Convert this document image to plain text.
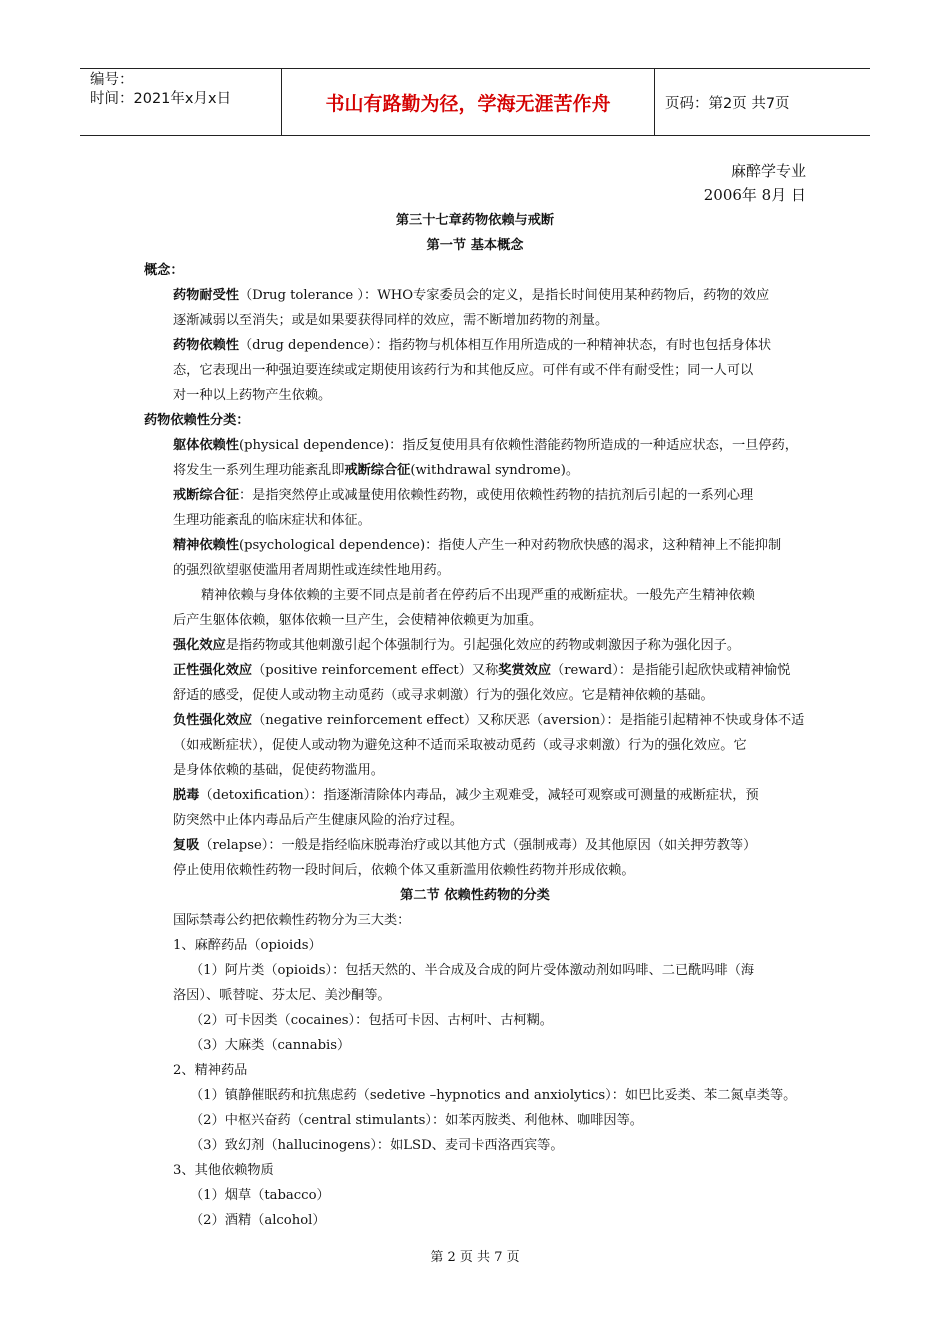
编号：
时间：2021年x月x日	书山有路勤为径，学海无涯苦作舟	页码：第2页 共7页
麻醉学专业
2006年 8月 日
第三十七章药物依赖与戒断
第一节 基本概念
概念：
药物耐受性（Drug tolerance ）：WHO专家委员会的定义，是指长时间使用某种药物后，药物的效应
逐渐减弱以至消失；或是如果要获得同样的效应，需不断增加药物的剂量。
药物依赖性（drug dependence）：指药物与机体相互作用所造成的一种精神状态，有时也包括身体状
态，它表现出一种强迫要连续或定期使用该药行为和其他反应。可伴有或不伴有耐受性；同一人可以
对一种以上药物产生依赖。
药物依赖性分类：
躯体依赖性(physical dependence)：指反复使用具有依赖性潜能药物所造成的一种适应状态，一旦停药，
将发生一系列生理功能紊乱即戒断综合征(withdrawal syndrome)。
戒断综合征：是指突然停止或减量使用依赖性药物，或使用依赖性药物的拮抗剂后引起的一系列心理
生理功能紊乱的临床症状和体征。
精神依赖性(psychological dependence)：指使人产生一种对药物欣快感的渴求，这种精神上不能抑制
的强烈欲望驱使滥用者周期性或连续性地用药。
精神依赖与身体依赖的主要不同点是前者在停药后不出现严重的戒断症状。一般先产生精神依赖
后产生躯体依赖，躯体依赖一旦产生，会使精神依赖更为加重。
强化效应是指药物或其他刺激引起个体强制行为。引起强化效应的药物或刺激因子称为强化因子。
正性强化效应（positive reinforcement effect）又称奖赏效应（reward）：是指能引起欣快或精神愉悦
舒适的感受，促使人或动物主动觅药（或寻求刺激）行为的强化效应。它是精神依赖的基础。
负性强化效应（negative reinforcement effect）又称厌恶（aversion）：是指能引起精神不快或身体不适
（如戒断症状），促使人或动物为避免这种不适而采取被动觅药（或寻求刺激）行为的强化效应。它
是身体依赖的基础，促使药物滥用。
脱毒（detoxification）：指逐渐清除体内毒品，减少主观难受，减轻可观察或可测量的戒断症状，预
防突然中止体内毒品后产生健康风险的治疗过程。
复吸（relapse）：一般是指经临床脱毒治疗或以其他方式（强制戒毒）及其他原因（如关押劳教等）
停止使用依赖性药物一段时间后，依赖个体又重新滥用依赖性药物并形成依赖。
第二节 依赖性药物的分类
国际禁毒公约把依赖性药物分为三大类：
1、麻醉药品（opioids）
（1）阿片类（opioids）：包括天然的、半合成及合成的阿片受体激动剂如吗啡、二已酰吗啡（海
洛因）、哌替啶、芬太尼、美沙酮等。
（2）可卡因类（cocaines）：包括可卡因、古柯叶、古柯糊。
（3）大麻类（cannabis）
2、精神药品
（1）镇静催眠药和抗焦虑药（sedetive –hypnotics and anxiolytics）：如巴比妥类、苯二氮卓类等。
（2）中枢兴奋药（central stimulants）：如苯丙胺类、利他林、咖啡因等。
（3）致幻剂（hallucinogens）：如LSD、麦司卡西洛西宾等。
3、其他依赖物质
（1）烟草（tabacco）
（2）酒精（alcohol）
第 2 页 共 7 页
